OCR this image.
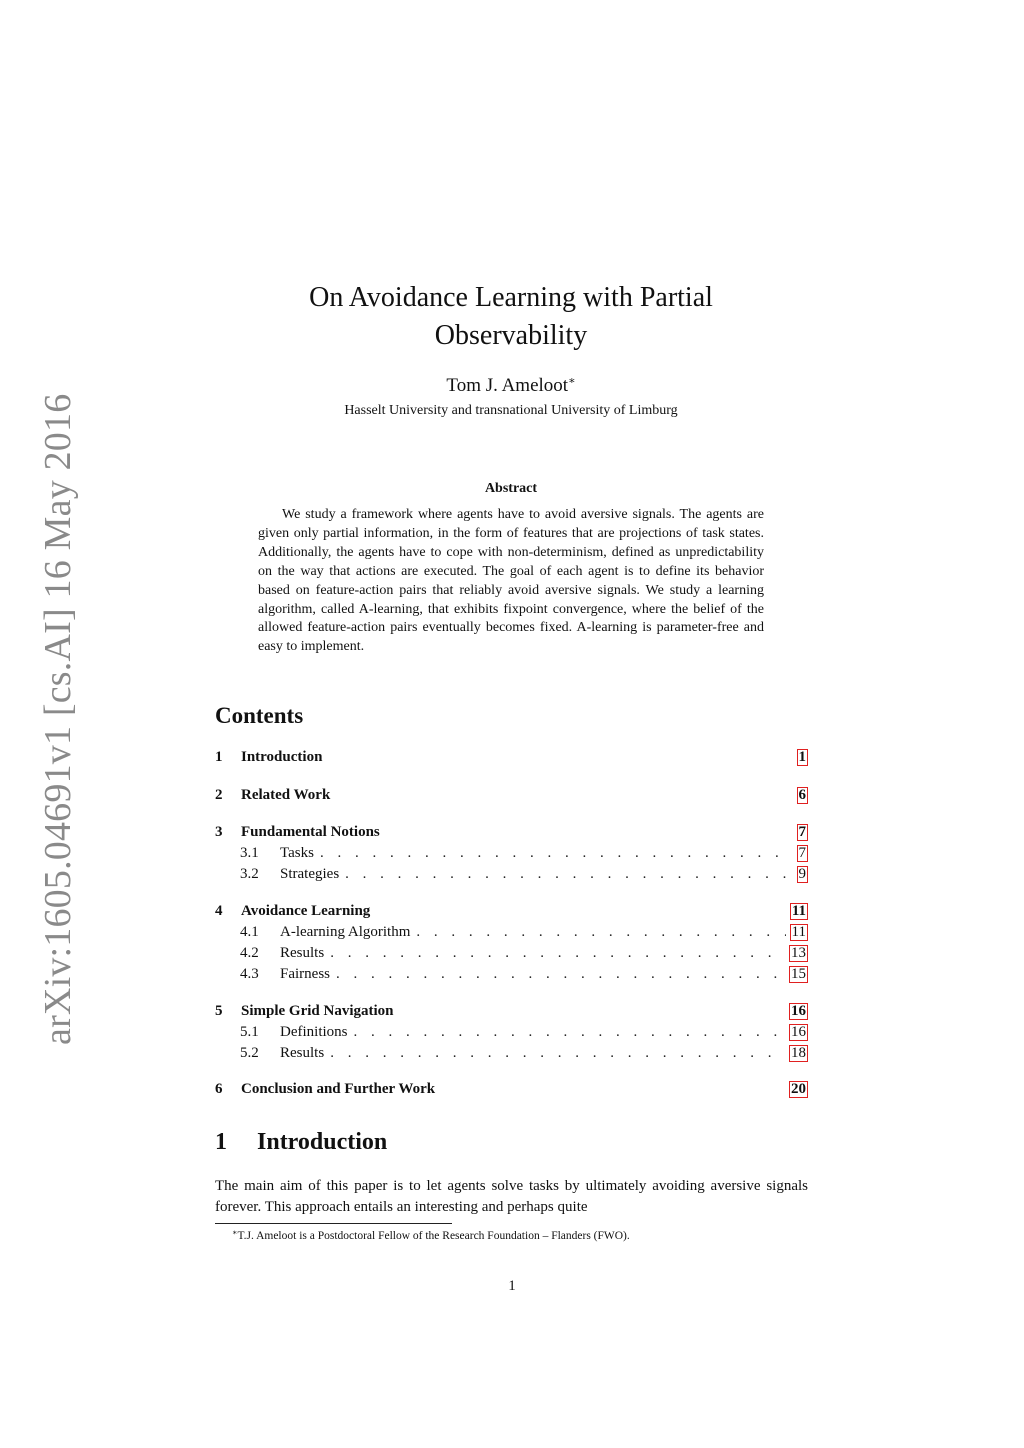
arXiv:1605.04691v1 [cs.AI] 16 May 2016
On Avoidance Learning with Partial
Observability
Tom J. Ameloot∗
Hasselt University and transnational University of Limburg
Abstract

We study a framework where agents have to avoid aversive signals. The agents are given only partial information, in the form of features that are projections of task states. Additionally, the agents have to cope with non-determinism, defined as unpredictability on the way that actions are executed. The goal of each agent is to define its behavior based on feature-action pairs that reliably avoid aversive signals. We study a learning algorithm, called A-learning, that exhibits fixpoint convergence, where the belief of the allowed feature-action pairs eventually becomes fixed. A-learning is parameter-free and easy to implement.

Contents
1	Introduction	1
2	Related Work	6
3	Fundamental Notions	7
3.1	Tasks . . .	7
3.2	Strategies . . .	9
4	Avoidance Learning	11
4.1	A-learning Algorithm . . .	11
4.2	Results . . .	13
4.3	Fairness . . .	15
5	Simple Grid Navigation	16
5.1	Definitions . . .	16
5.2	Results . . .	18
6	Conclusion and Further Work	20
1 Introduction

The main aim of this paper is to let agents solve tasks by ultimately avoiding aversive signals forever. This approach entails an interesting and perhaps quite

∗T.J. Ameloot is a Postdoctoral Fellow of the Research Foundation – Flanders (FWO).
1
